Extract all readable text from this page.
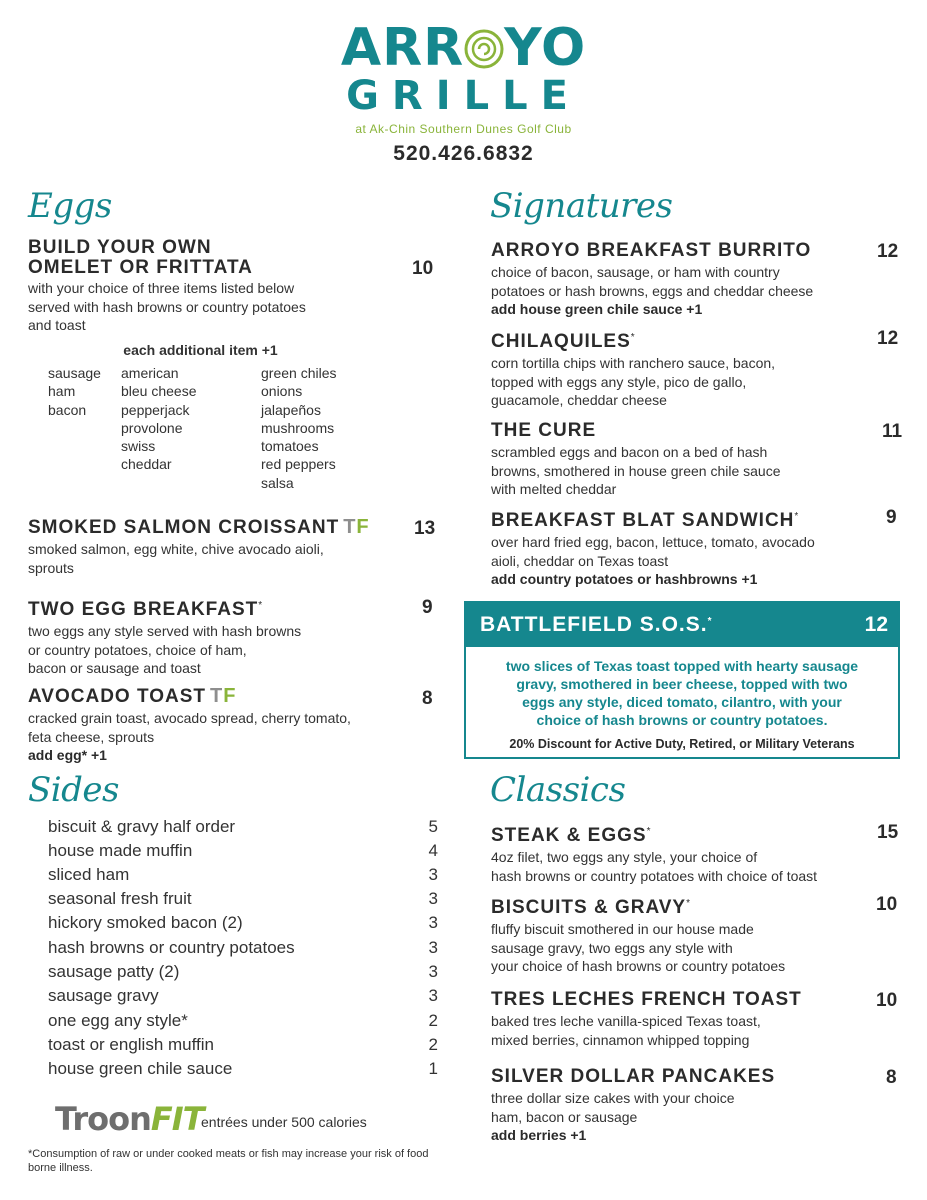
ARR YO
GRILLE
at Ak-Chin Southern Dunes Golf Club
520.426.6832
Eggs
BUILD YOUR OWN
OMELET OR FRITTATA
with your choice of three items listed below
served with hash browns or country potatoes
and toast
each additional item +1
10
sausage
ham
bacon
american
bleu cheese
pepperjack
provolone
swiss
cheddar
green chiles
onions
jalapeños
mushrooms
tomatoes
red peppers
salsa
SMOKED SALMON CROISSANT TF
smoked salmon, egg white, chive avocado aioli,
sprouts
13
TWO EGG BREAKFAST*
two eggs any style served with hash browns
or country potatoes, choice of ham,
bacon or sausage and toast
9
AVOCADO TOAST TF
cracked grain toast, avocado spread, cherry tomato,
feta cheese, sprouts
add egg* +1
8
Sides
biscuit & gravy half order	5
house made muffin	4
sliced ham	3
seasonal fresh fruit	3
hickory smoked bacon (2)	3
hash browns or country potatoes	3
sausage patty (2)	3
sausage gravy	3
one egg any style*	2
toast or english muffin	2
house green chile sauce	1
TroonFIT
entrées under 500 calories
*Consumption of raw or under cooked meats or fish may increase your risk of food borne illness.
Signatures
ARROYO BREAKFAST BURRITO
choice of bacon, sausage, or ham with country
potatoes or hash browns, eggs and cheddar cheese
add house green chile sauce +1
12
CHILAQUILES*
corn tortilla chips with ranchero sauce, bacon,
topped with eggs any style, pico de gallo,
guacamole, cheddar cheese
12
THE CURE
scrambled eggs and bacon on a bed of hash
browns, smothered in house green chile sauce
with melted cheddar
11
BREAKFAST BLAT SANDWICH*
over hard fried egg, bacon, lettuce, tomato, avocado
aioli, cheddar on Texas toast
add country potatoes or hashbrowns +1
9
BATTLEFIELD S.O.S.*	12
two slices of Texas toast topped with hearty sausage
gravy, smothered in beer cheese, topped with two
eggs any style, diced tomato, cilantro, with your
choice of hash browns or country potatoes.
20% Discount for Active Duty, Retired, or Military Veterans
Classics
STEAK & EGGS*
4oz filet, two eggs any style, your choice of
hash browns or country potatoes with choice of toast
15
BISCUITS & GRAVY*
fluffy biscuit smothered in our house made
sausage gravy, two eggs any style with
your choice of hash browns or country potatoes
10
TRES LECHES FRENCH TOAST
baked tres leche vanilla-spiced Texas toast,
mixed berries, cinnamon whipped topping
10
SILVER DOLLAR PANCAKES
three dollar size cakes with your choice
ham, bacon or sausage
add berries +1
8
